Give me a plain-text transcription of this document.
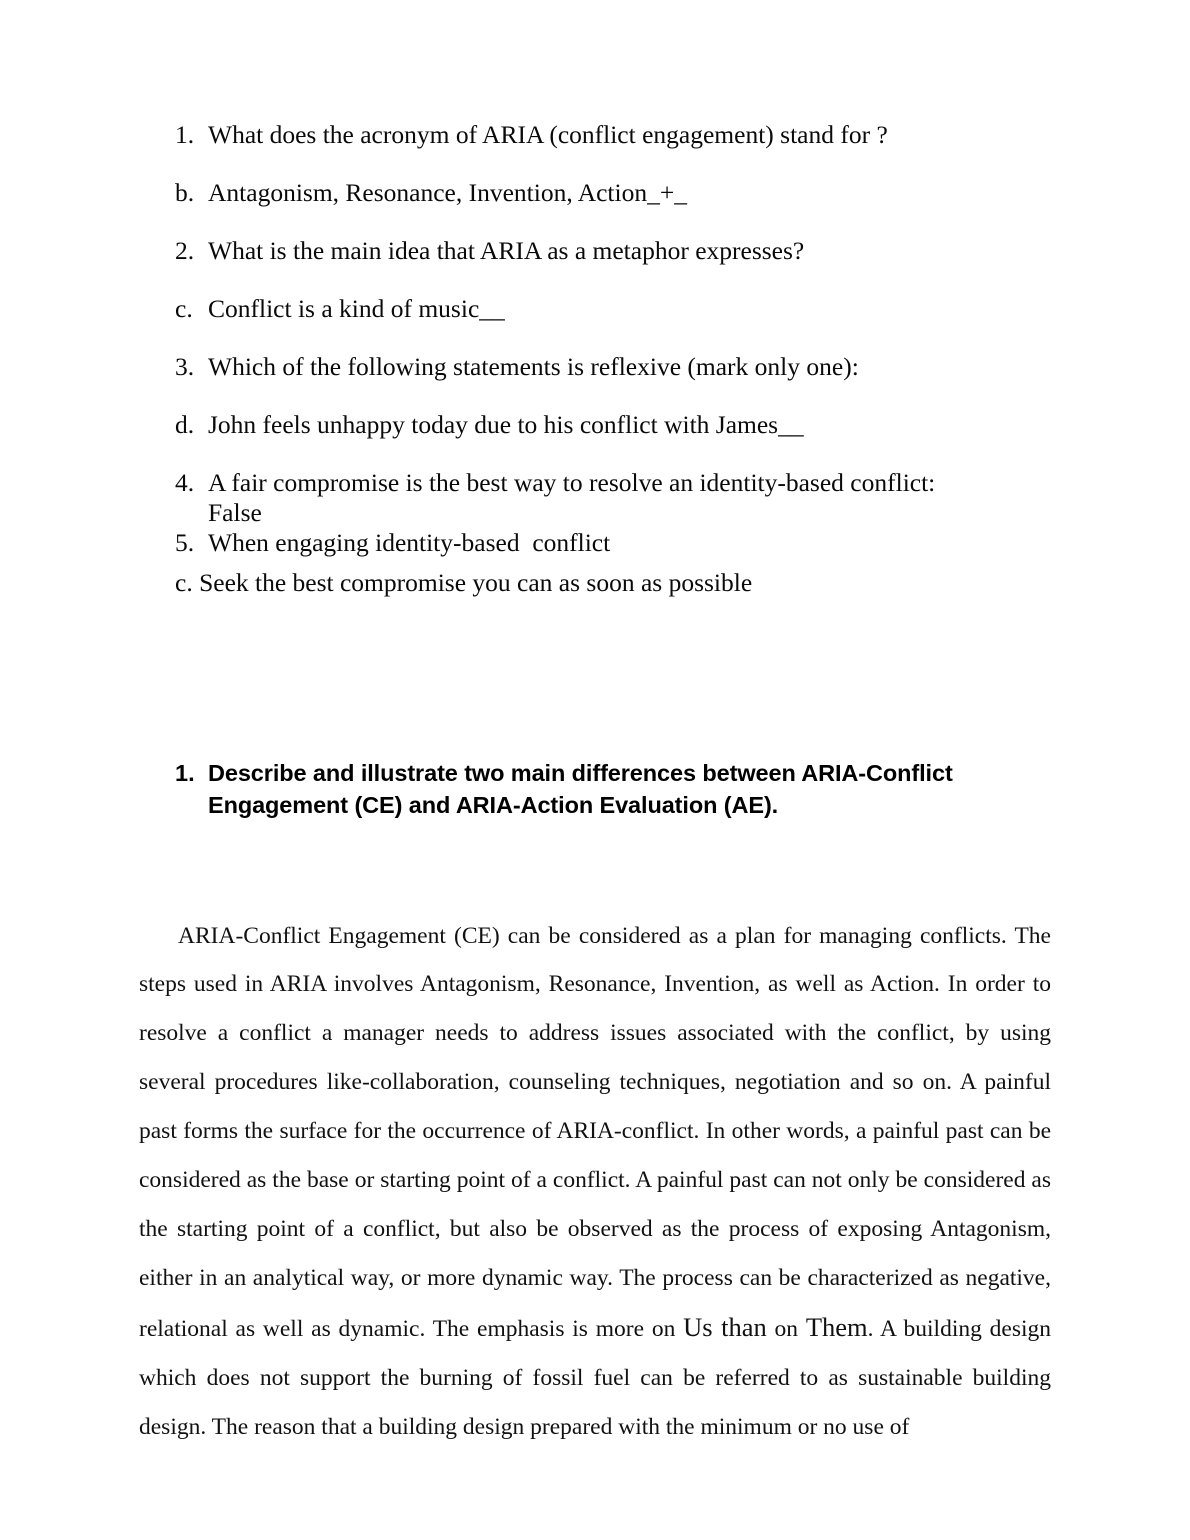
1. What does the acronym of ARIA (conflict engagement) stand for ?
b. Antagonism, Resonance, Invention, Action_+_
2. What is the main idea that ARIA as a metaphor expresses?
c. Conflict is a kind of music__
3. Which of the following statements is reflexive (mark only one):
d. John feels unhappy today due to his conflict with James__
4. A fair compromise is the best way to resolve an identity-based conflict:
False
5. When engaging identity-based  conflict
c. Seek the best compromise you can as soon as possible
1. Describe and illustrate two main differences between ARIA-Conflict Engagement (CE) and ARIA-Action Evaluation (AE).

ARIA-Conflict Engagement (CE) can be considered as a plan for managing conflicts. The steps used in ARIA involves Antagonism, Resonance, Invention, as well as Action. In order to resolve a conflict a manager needs to address issues associated with the conflict, by using several procedures like-collaboration, counseling techniques, negotiation and so on. A painful past forms the surface for the occurrence of ARIA-conflict. In other words, a painful past can be considered as the base or starting point of a conflict. A painful past can not only be considered as the starting point of a conflict, but also be observed as the process of exposing Antagonism, either in an analytical way, or more dynamic way. The process can be characterized as negative, relational as well as dynamic. The emphasis is more on Us than on Them. A building design which does not support the burning of fossil fuel can be referred to as sustainable building design. The reason that a building design prepared with the minimum or no use of
